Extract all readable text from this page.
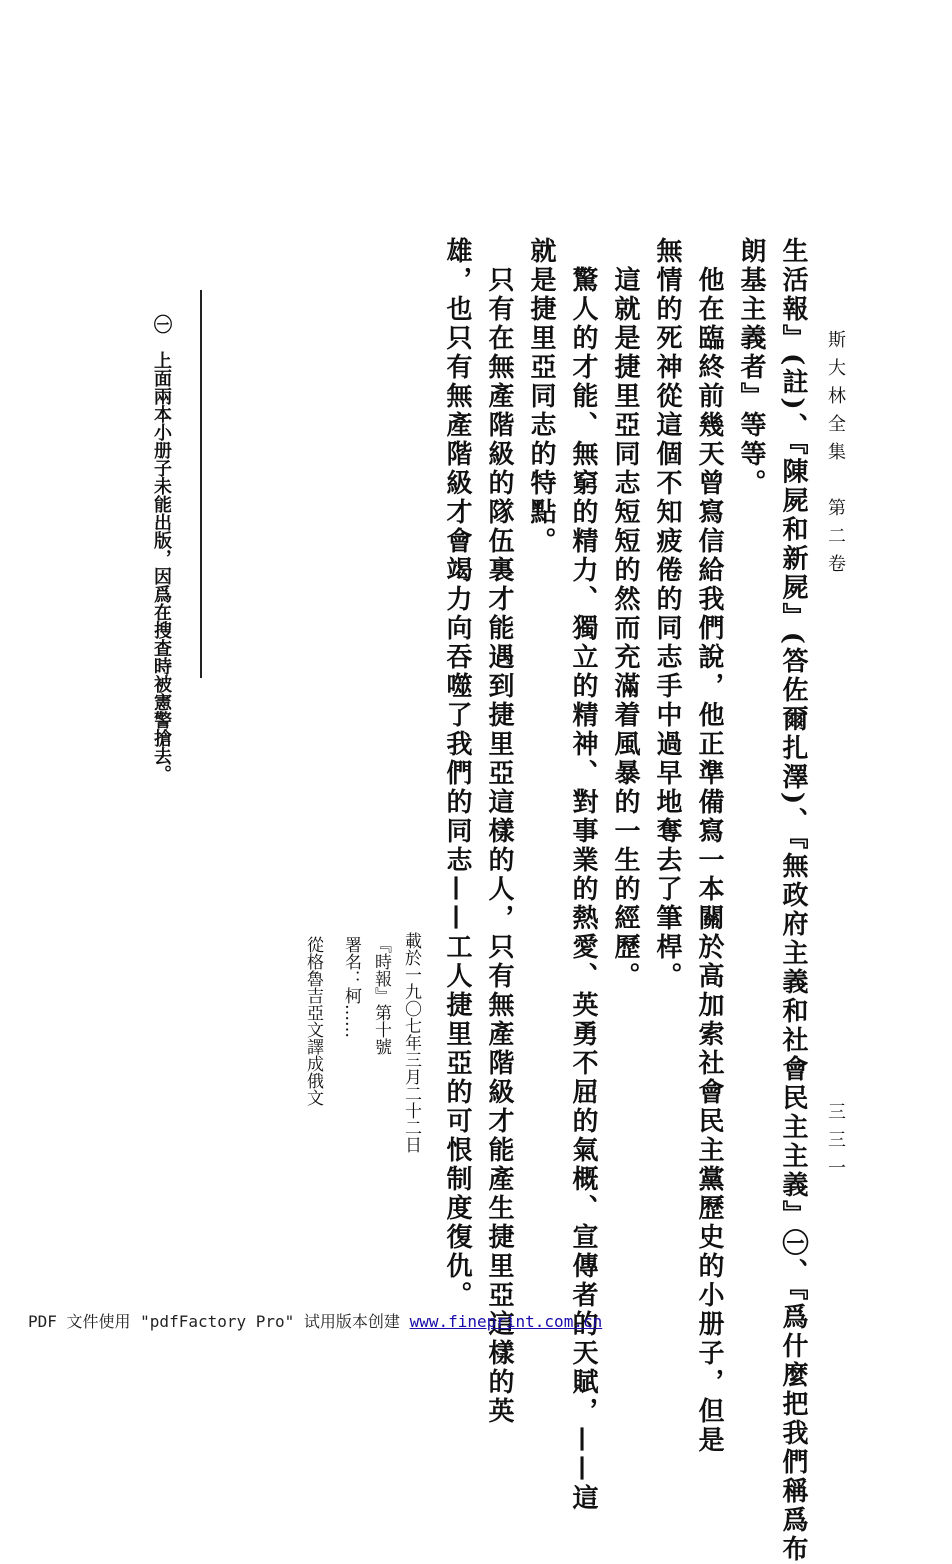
斯大林全集　第二卷
三三一
生活報』(註)、『陳屍和新屍』(答佐爾扎澤)、『無政府主義和社會民主主義』㊀、『爲什麼把我們稱爲布
朗基主義者』等等。
　他在臨終前幾天曾寫信給我們說，他正準備寫一本關於高加索社會民主黨歷史的小册子，但是
無情的死神從這個不知疲倦的同志手中過早地奪去了筆桿。
　這就是捷里亞同志短短的然而充滿着風暴的一生的經歷。
　驚人的才能、無窮的精力、獨立的精神、對事業的熱愛、英勇不屈的氣概、宣傳者的天賦，——這
就是捷里亞同志的特點。
　只有在無產階級的隊伍裏才能遇到捷里亞這樣的人，只有無產階級才能產生捷里亞這樣的英
雄，也只有無產階級才會竭力向吞噬了我們的同志——工人捷里亞的可恨制度復仇。
載於一九〇七年三月二十二日
『時報』第十號
署名：柯……
從格魯吉亞文譯成俄文
㊀　上面兩本小册子未能出版，因爲在搜查時被憲警搶去。
PDF 文件使用 "pdfFactory Pro" 试用版本创建 www.fineprint.com.cn
